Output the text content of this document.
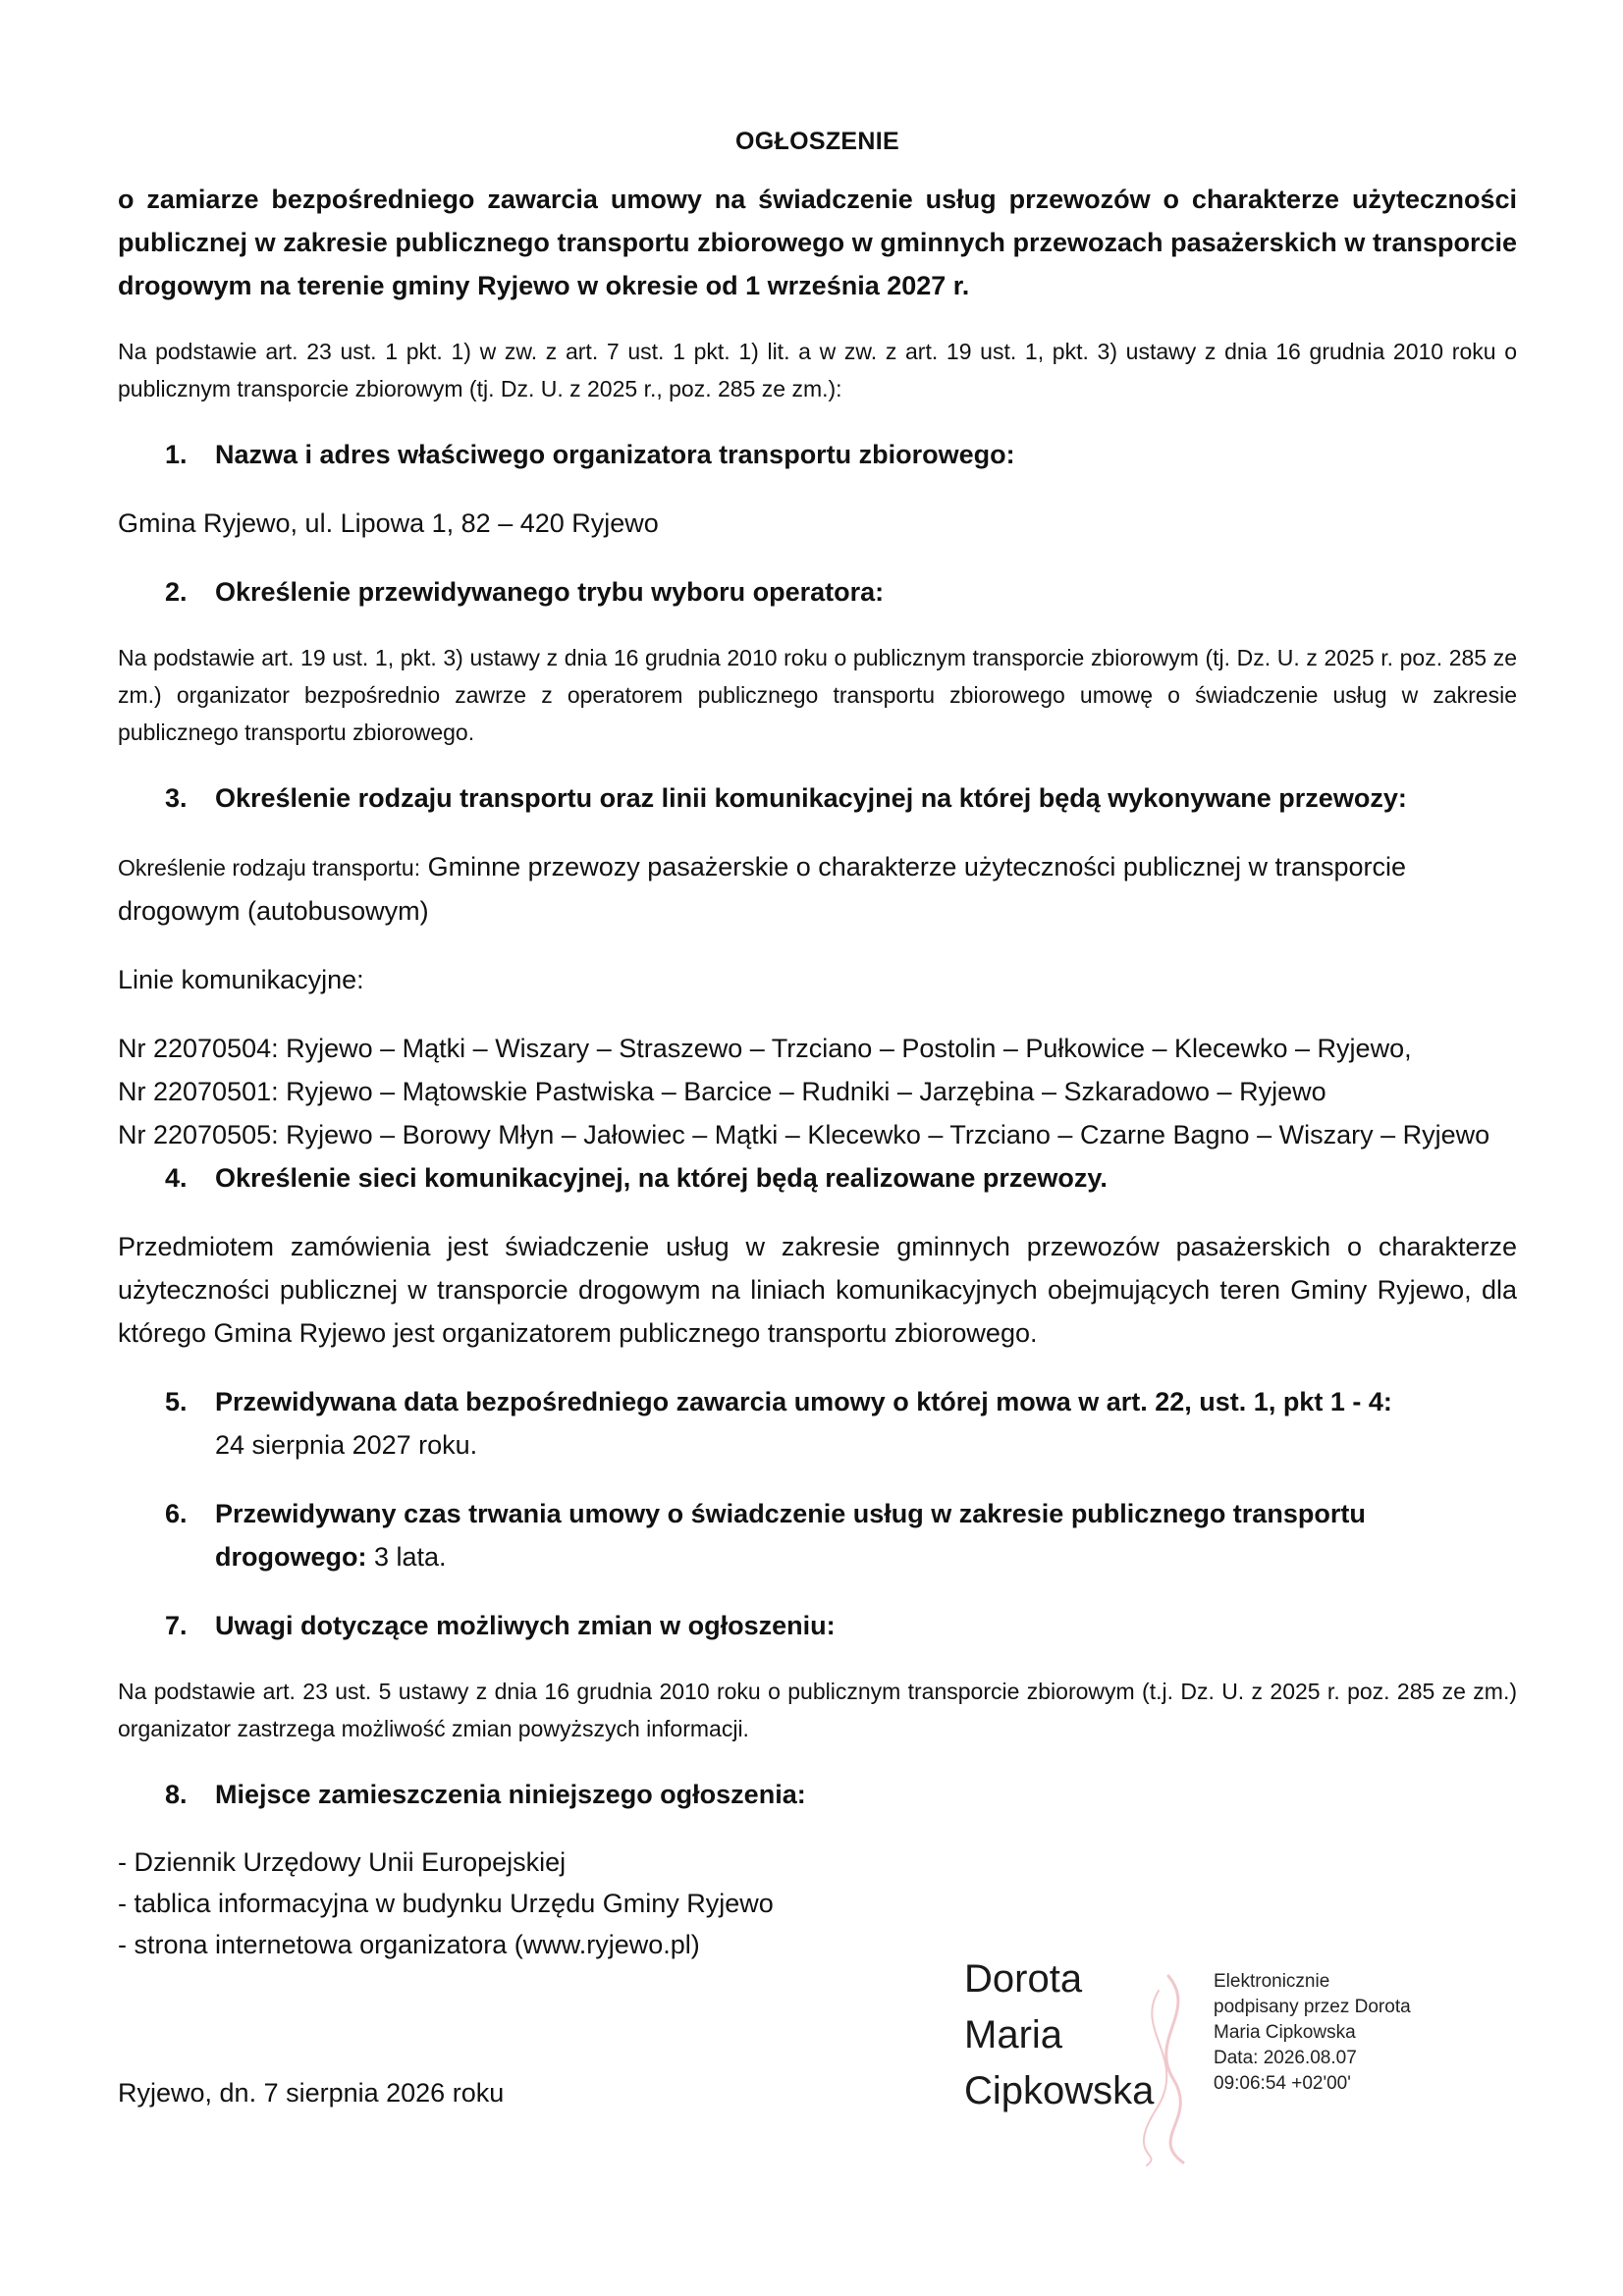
OGŁOSZENIE
o zamiarze bezpośredniego zawarcia umowy na świadczenie usług przewozów o charakterze użyteczności publicznej w zakresie publicznego transportu zbiorowego w gminnych przewozach pasażerskich w transporcie drogowym na terenie gminy Ryjewo w okresie od 1 września 2027 r.
Na podstawie art. 23 ust. 1 pkt. 1) w zw. z art. 7 ust. 1 pkt. 1) lit. a w zw. z art. 19 ust. 1, pkt. 3) ustawy z dnia 16 grudnia 2010 roku o publicznym transporcie zbiorowym (tj. Dz. U. z 2025 r., poz. 285 ze zm.):
1.	Nazwa i adres właściwego organizatora transportu zbiorowego:
Gmina Ryjewo, ul. Lipowa 1, 82 – 420 Ryjewo
2.	Określenie przewidywanego trybu wyboru operatora:
Na podstawie art. 19 ust. 1, pkt. 3) ustawy z dnia 16 grudnia 2010 roku o publicznym transporcie zbiorowym (tj. Dz. U. z 2025 r. poz. 285 ze zm.) organizator bezpośrednio zawrze z operatorem publicznego transportu zbiorowego umowę o świadczenie usług w zakresie publicznego transportu zbiorowego.
3.	Określenie rodzaju transportu oraz linii komunikacyjnej na której będą wykonywane przewozy:
Określenie rodzaju transportu: Gminne przewozy pasażerskie o charakterze użyteczności publicznej w transporcie drogowym (autobusowym)
Linie komunikacyjne:
Nr 22070504: Ryjewo – Mątki – Wiszary – Straszewo – Trzciano – Postolin – Pułkowice – Klecewko – Ryjewo,
Nr 22070501: Ryjewo – Mątowskie Pastwiska – Barcice – Rudniki – Jarzębina – Szkaradowo – Ryjewo
Nr 22070505: Ryjewo – Borowy Młyn – Jałowiec – Mątki – Klecewko – Trzciano – Czarne Bagno – Wiszary – Ryjewo
4.	Określenie sieci komunikacyjnej, na której będą realizowane przewozy.
Przedmiotem zamówienia jest świadczenie usług w zakresie gminnych przewozów pasażerskich o charakterze użyteczności publicznej w transporcie drogowym na liniach komunikacyjnych obejmujących teren Gminy Ryjewo, dla którego Gmina Ryjewo jest organizatorem publicznego transportu zbiorowego.
5.	Przewidywana data bezpośredniego zawarcia umowy o której mowa w art. 22, ust. 1, pkt 1 - 4:
24 sierpnia 2027 roku.
6.	Przewidywany czas trwania umowy o świadczenie usług w zakresie publicznego transportu drogowego: 3 lata.
7.	Uwagi dotyczące możliwych zmian w ogłoszeniu:
Na podstawie art. 23 ust. 5 ustawy z dnia 16 grudnia 2010 roku o publicznym transporcie zbiorowym (t.j. Dz. U. z 2025 r. poz. 285 ze zm.) organizator zastrzega możliwość zmian powyższych informacji.
8.	Miejsce zamieszczenia niniejszego ogłoszenia:
- Dziennik Urzędowy Unii Europejskiej
- tablica informacyjna w budynku Urzędu Gminy Ryjewo
- strona internetowa organizatora (www.ryjewo.pl)
Ryjewo, dn. 7 sierpnia 2026 roku
Dorota
Maria
Cipkowska
Elektronicznie
podpisany przez Dorota
Maria Cipkowska
Data: 2026.08.07
09:06:54 +02'00'
